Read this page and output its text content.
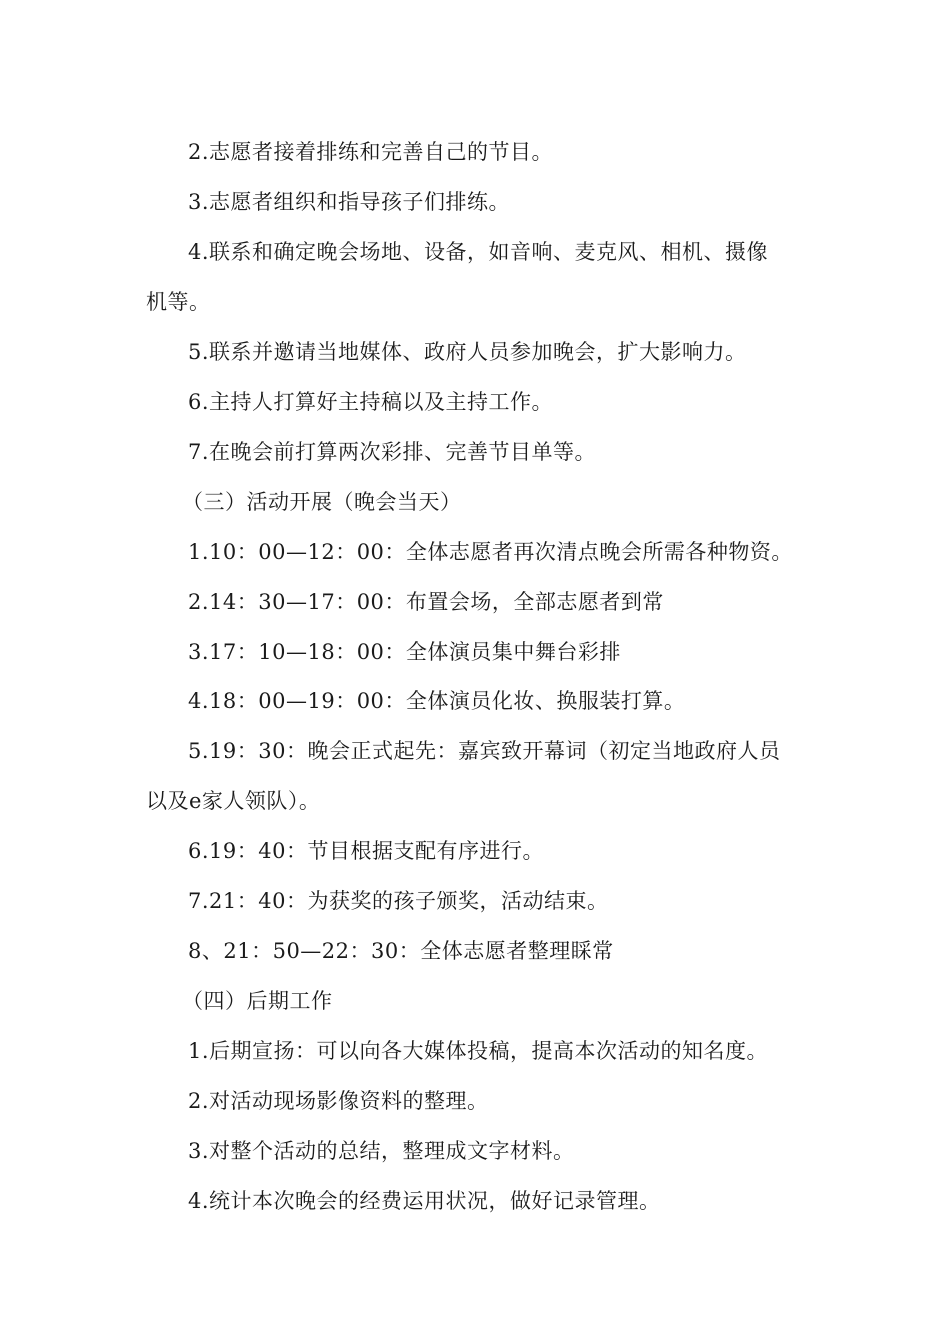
2.志愿者接着排练和完善自己的节目。
3.志愿者组织和指导孩子们排练。
4.联系和确定晚会场地、设备，如音响、麦克风、相机、摄像
机等。
5.联系并邀请当地媒体、政府人员参加晚会，扩大影响力。
6.主持人打算好主持稿以及主持工作。
7.在晚会前打算两次彩排、完善节目单等。
（三）活动开展（晚会当天）
1.10：00—12：00：全体志愿者再次清点晚会所需各种物资。
2.14：30—17：00：布置会场，全部志愿者到常
3.17：10—18：00：全体演员集中舞台彩排
4.18：00—19：00：全体演员化妆、换服装打算。
5.19：30：晚会正式起先：嘉宾致开幕词（初定当地政府人员
以及e家人领队）。
6.19：40：节目根据支配有序进行。
7.21：40：为获奖的孩子颁奖，活动结束。
8、21：50—22：30：全体志愿者整理睬常
（四）后期工作
1.后期宣扬：可以向各大媒体投稿，提高本次活动的知名度。
2.对活动现场影像资料的整理。
3.对整个活动的总结，整理成文字材料。
4.统计本次晚会的经费运用状况，做好记录管理。
